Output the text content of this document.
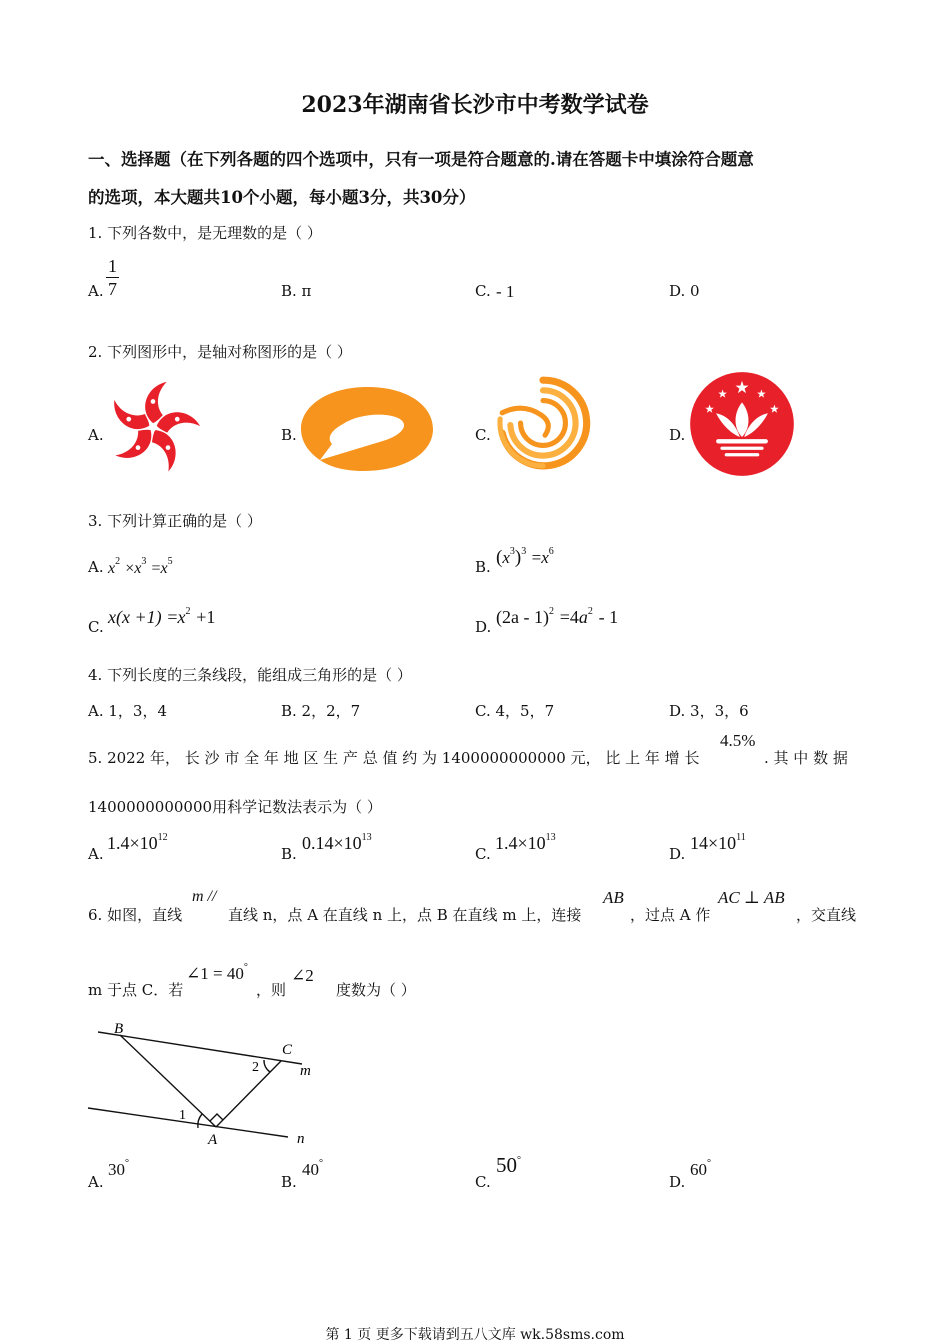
2023年湖南省长沙市中考数学试卷
一、选择题（在下列各题的四个选项中，只有一项是符合题意的.请在答题卡中填涂符合题意
的选项，本大题共10个小题，每小题3分，共30分）
1. 下列各数中，是无理数的是（ ）
A. $\frac{1}{7}$	B. π	C. - 1	D. 0
2. 下列图形中，是轴对称图形的是（ ）
A.	B.	C.	D.
3. 下列计算正确的是（ ）
A. $x^2 \times x^3 =x^5$	B. $(x^3)^3 =x^6$
C. $x(x +1) =x^2 +1$	D. $(2a - 1)^2 =4a^2 - 1$
4. 下列长度的三条线段，能组成三角形的是（ ）
A. 1，3，4	B. 2，2，7	C. 4，5，7	D. 3，3，6
5. 2022 年， 长 沙 市 全 年 地 区 生 产 总 值 约 为 1400000000000 元， 比 上 年 增 长
4.5%
. 其 中 数 据
1400000000000用科学记数法表示为（ ）
A.
$1.4\times 10^{12}$
B.
$0.14\times 10^{13}$
C.
$1.4\times 10^{13}$
D.
$14\times 10^{11}$
6. 如图，直线
m //
直线 n，点 A 在直线 n 上，点 B 在直线 m 上，连接
AB
，过点 A 作
AC ⊥ AB
，交直线
m 于点 C．若
∠1 = 40°
，则
∠2
度数为（ ）
B
C
A
m
n
1
2
A.
30°
B.
40°
C.
50°
D.
60°
第 1 页 更多下载请到五八文库 wk.58sms.com
